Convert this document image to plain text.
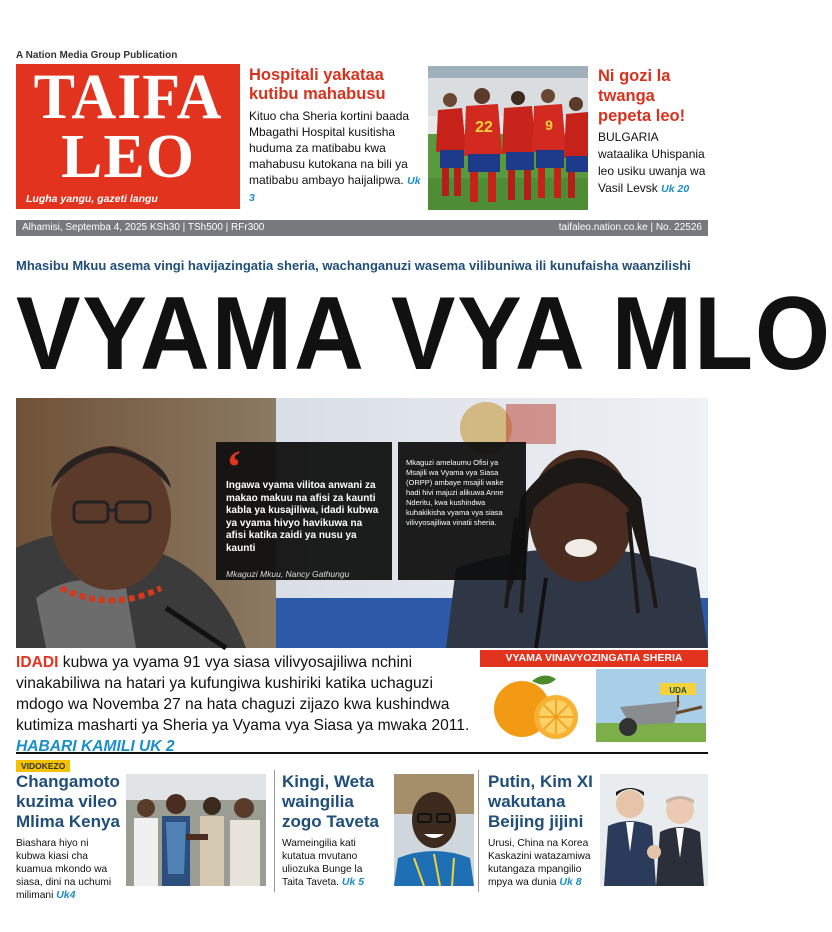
A Nation Media Group Publication
TAIFA
LEO
Lugha yangu, gazeti langu
Hospitali yakataa kutibu mahabusu

Kituo cha Sheria kortini baada Mbagathi Hospital kusitisha huduma za matibabu kwa mahabusu kutokana na bili ya matibabu ambayo haijalipwa. Uk 3

22	9
Ni gozi la twanga pepeta leo!

BULGARIA wataalika Uhispania leo usiku uwanja wa Vasil Levsk Uk 20

Alhamisi, Septemba 4, 2025 KSh30 | TSh500 | RFr300	taifaleo.nation.co.ke | No. 22526
Mhasibu Mkuu asema vingi havijazingatia sheria, wachanganuzi wasema vilibuniwa ili kunufaisha waanzilishi
VYAMA VYA MLO
‘
Ingawa vyama vilitoa anwani za makao makuu na afisi za kaunti kabla ya kusajiliwa, idadi kubwa ya vyama hivyo havikuwa na afisi katika zaidi ya nusu ya kaunti
Mkaguzi Mkuu, Nancy Gathungu
Mkaguzi amelaumu Ofisi ya Msajili wa Vyama vya Siasa (ORPP) ambaye msajili wake hadi hivi majuzi alikuwa Anne Nderitu, kwa kushindwa kuhakikisha vyama vya siasa vilivyosajiliwa vinatii sheria.
IDADI kubwa ya vyama 91 vya siasa vilivyosajiliwa nchini vinakabiliwa na hatari ya kufungiwa kushiriki katika uchaguzi mdogo wa Novemba 27 na hata chaguzi zijazo kwa kushindwa kutimiza masharti ya Sheria ya Vyama vya Siasa ya mwaka 2011. HABARI KAMILI UK 2
VYAMA VINAVYOZINGATIA SHERIA
UDA
VIDOKEZO
Changamoto kuzima vileo Mlima Kenya

Biashara hiyo ni kubwa kiasi cha kuamua mkondo wa siasa, dini na uchumi milimani Uk4

Kingi, Weta waingilia zogo Taveta

Wameingilia kati kutatua mvutano uliozuka Bunge la Taita Taveta. Uk 5

Putin, Kim XI wakutana Beijing jijini

Urusi, China na Korea Kaskazini watazamiwa kutangaza mpangilio mpya wa dunia Uk 8
